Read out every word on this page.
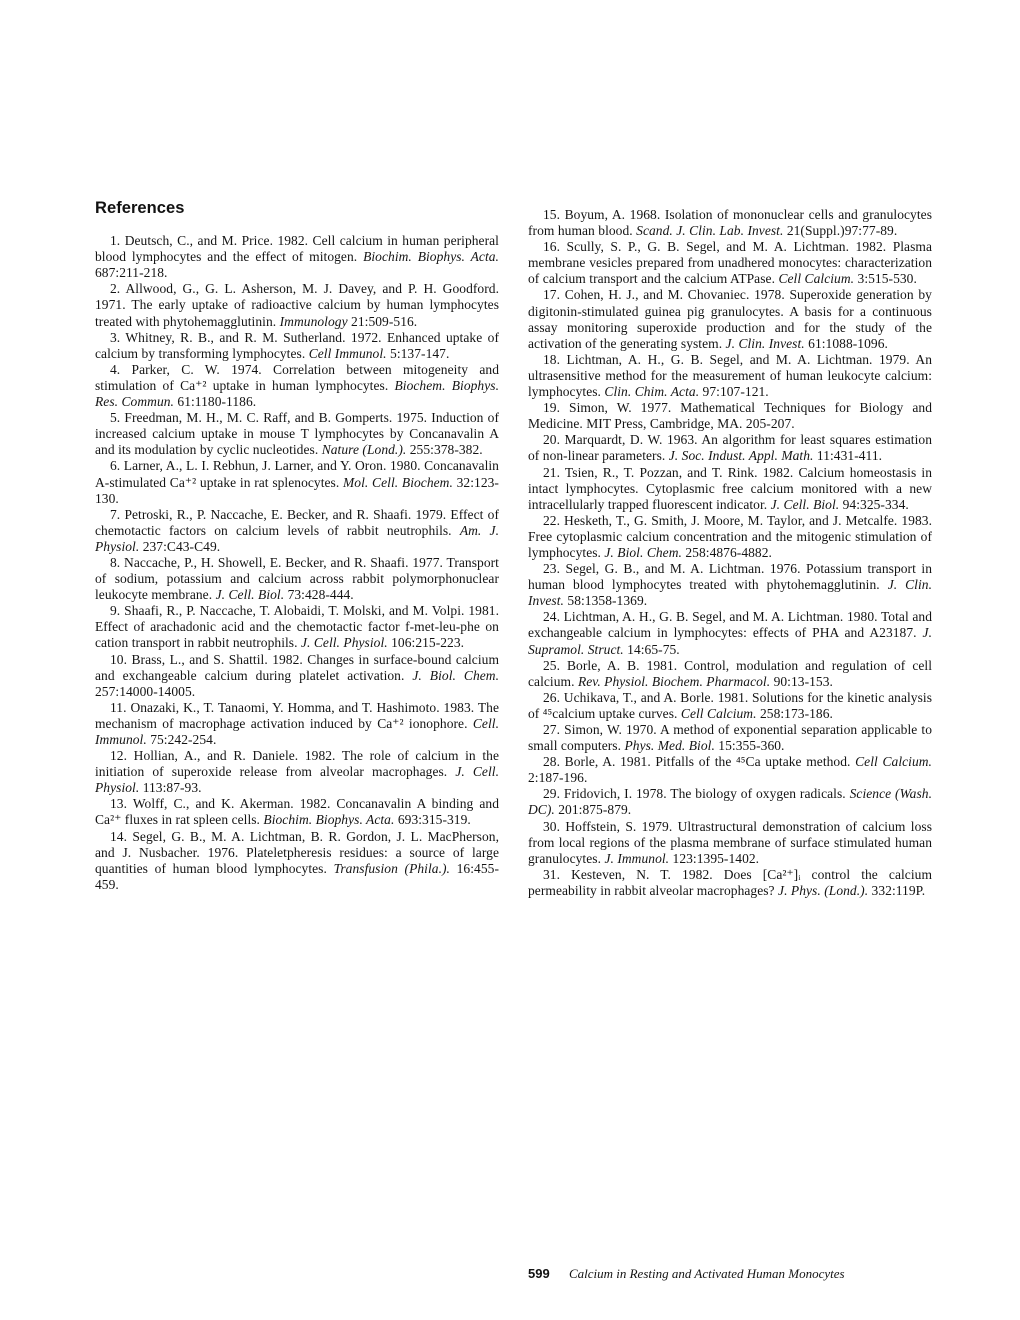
References

1. Deutsch, C., and M. Price. 1982. Cell calcium in human peripheral blood lymphocytes and the effect of mitogen. Biochim. Biophys. Acta. 687:211-218.

2. Allwood, G., G. L. Asherson, M. J. Davey, and P. H. Goodford. 1971. The early uptake of radioactive calcium by human lymphocytes treated with phytohemagglutinin. Immunology 21:509-516.

3. Whitney, R. B., and R. M. Sutherland. 1972. Enhanced uptake of calcium by transforming lymphocytes. Cell Immunol. 5:137-147.

4. Parker, C. W. 1974. Correlation between mitogeneity and stimulation of Ca⁺² uptake in human lymphocytes. Biochem. Biophys. Res. Commun. 61:1180-1186.

5. Freedman, M. H., M. C. Raff, and B. Gomperts. 1975. Induction of increased calcium uptake in mouse T lymphocytes by Concanavalin A and its modulation by cyclic nucleotides. Nature (Lond.). 255:378-382.

6. Larner, A., L. I. Rebhun, J. Larner, and Y. Oron. 1980. Concanavalin A-stimulated Ca⁺² uptake in rat splenocytes. Mol. Cell. Biochem. 32:123-130.

7. Petroski, R., P. Naccache, E. Becker, and R. Shaafi. 1979. Effect of chemotactic factors on calcium levels of rabbit neutrophils. Am. J. Physiol. 237:C43-C49.

8. Naccache, P., H. Showell, E. Becker, and R. Shaafi. 1977. Transport of sodium, potassium and calcium across rabbit polymorphonuclear leukocyte membrane. J. Cell. Biol. 73:428-444.

9. Shaafi, R., P. Naccache, T. Alobaidi, T. Molski, and M. Volpi. 1981. Effect of arachadonic acid and the chemotactic factor f-met-leu-phe on cation transport in rabbit neutrophils. J. Cell. Physiol. 106:215-223.

10. Brass, L., and S. Shattil. 1982. Changes in surface-bound calcium and exchangeable calcium during platelet activation. J. Biol. Chem. 257:14000-14005.

11. Onazaki, K., T. Tanaomi, Y. Homma, and T. Hashimoto. 1983. The mechanism of macrophage activation induced by Ca⁺² ionophore. Cell. Immunol. 75:242-254.

12. Hollian, A., and R. Daniele. 1982. The role of calcium in the initiation of superoxide release from alveolar macrophages. J. Cell. Physiol. 113:87-93.

13. Wolff, C., and K. Akerman. 1982. Concanavalin A binding and Ca²⁺ fluxes in rat spleen cells. Biochim. Biophys. Acta. 693:315-319.

14. Segel, G. B., M. A. Lichtman, B. R. Gordon, J. L. MacPherson, and J. Nusbacher. 1976. Plateletpheresis residues: a source of large quantities of human blood lymphocytes. Transfusion (Phila.). 16:455-459.

15. Boyum, A. 1968. Isolation of mononuclear cells and granulocytes from human blood. Scand. J. Clin. Lab. Invest. 21(Suppl.)97:77-89.

16. Scully, S. P., G. B. Segel, and M. A. Lichtman. 1982. Plasma membrane vesicles prepared from unadhered monocytes: characterization of calcium transport and the calcium ATPase. Cell Calcium. 3:515-530.

17. Cohen, H. J., and M. Chovaniec. 1978. Superoxide generation by digitonin-stimulated guinea pig granulocytes. A basis for a continuous assay monitoring superoxide production and for the study of the activation of the generating system. J. Clin. Invest. 61:1088-1096.

18. Lichtman, A. H., G. B. Segel, and M. A. Lichtman. 1979. An ultrasensitive method for the measurement of human leukocyte calcium: lymphocytes. Clin. Chim. Acta. 97:107-121.

19. Simon, W. 1977. Mathematical Techniques for Biology and Medicine. MIT Press, Cambridge, MA. 205-207.

20. Marquardt, D. W. 1963. An algorithm for least squares estimation of non-linear parameters. J. Soc. Indust. Appl. Math. 11:431-411.

21. Tsien, R., T. Pozzan, and T. Rink. 1982. Calcium homeostasis in intact lymphocytes. Cytoplasmic free calcium monitored with a new intracellularly trapped fluorescent indicator. J. Cell. Biol. 94:325-334.

22. Hesketh, T., G. Smith, J. Moore, M. Taylor, and J. Metcalfe. 1983. Free cytoplasmic calcium concentration and the mitogenic stimulation of lymphocytes. J. Biol. Chem. 258:4876-4882.

23. Segel, G. B., and M. A. Lichtman. 1976. Potassium transport in human blood lymphocytes treated with phytohemagglutinin. J. Clin. Invest. 58:1358-1369.

24. Lichtman, A. H., G. B. Segel, and M. A. Lichtman. 1980. Total and exchangeable calcium in lymphocytes: effects of PHA and A23187. J. Supramol. Struct. 14:65-75.

25. Borle, A. B. 1981. Control, modulation and regulation of cell calcium. Rev. Physiol. Biochem. Pharmacol. 90:13-153.

26. Uchikava, T., and A. Borle. 1981. Solutions for the kinetic analysis of ⁴⁵calcium uptake curves. Cell Calcium. 258:173-186.

27. Simon, W. 1970. A method of exponential separation applicable to small computers. Phys. Med. Biol. 15:355-360.

28. Borle, A. 1981. Pitfalls of the ⁴⁵Ca uptake method. Cell Calcium. 2:187-196.

29. Fridovich, I. 1978. The biology of oxygen radicals. Science (Wash. DC). 201:875-879.

30. Hoffstein, S. 1979. Ultrastructural demonstration of calcium loss from local regions of the plasma membrane of surface stimulated human granulocytes. J. Immunol. 123:1395-1402.

31. Kesteven, N. T. 1982. Does [Ca²⁺]ᵢ control the calcium permeability in rabbit alveolar macrophages? J. Phys. (Lond.). 332:119P.

599 Calcium in Resting and Activated Human Monocytes
